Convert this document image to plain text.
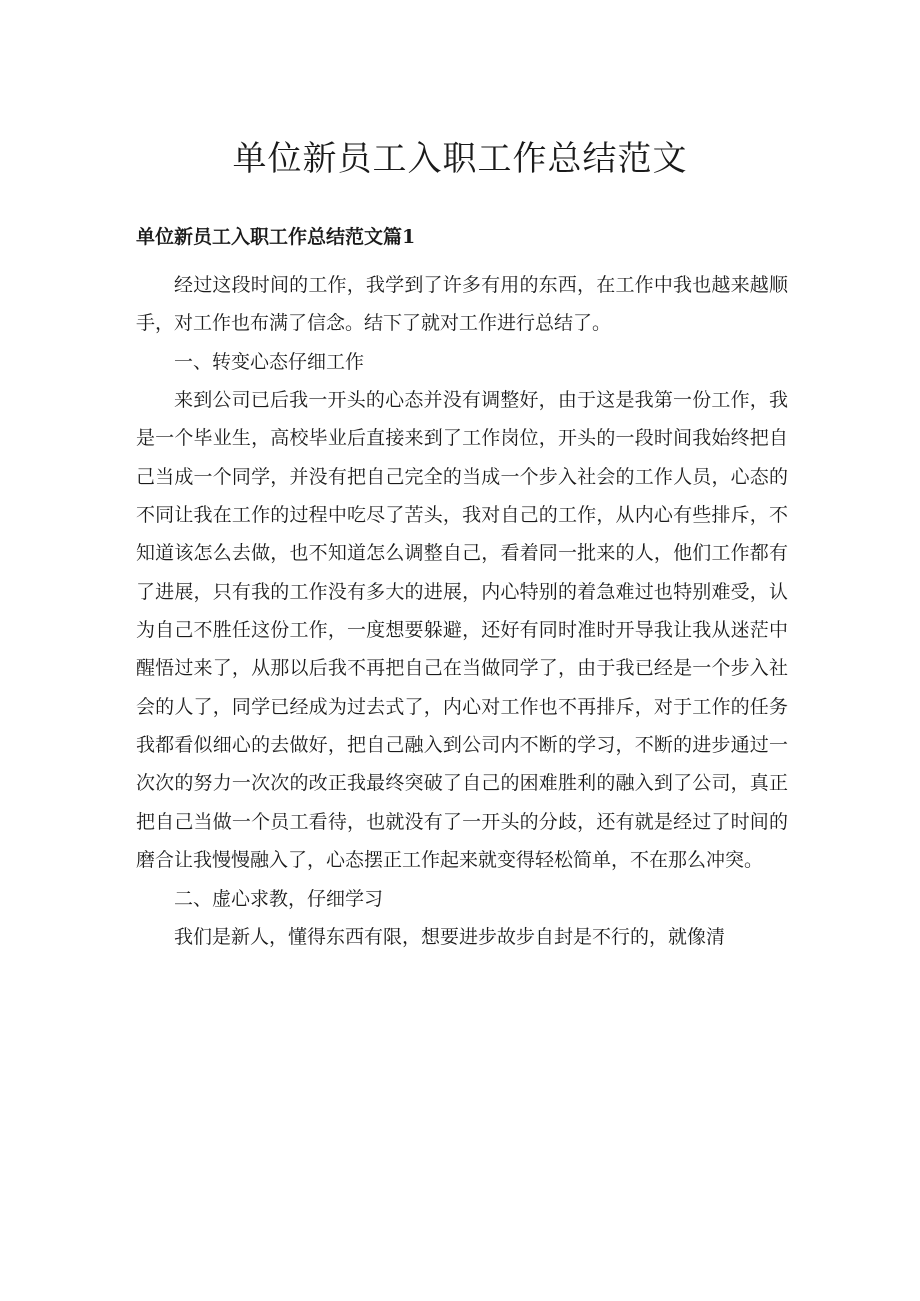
单位新员工入职工作总结范文
单位新员工入职工作总结范文篇1

经过这段时间的工作，我学到了许多有用的东西，在工作中我也越来越顺手，对工作也布满了信念。结下了就对工作进行总结了。

一、转变心态仔细工作

来到公司已后我一开头的心态并没有调整好，由于这是我第一份工作，我是一个毕业生，高校毕业后直接来到了工作岗位，开头的一段时间我始终把自己当成一个同学，并没有把自己完全的当成一个步入社会的工作人员，心态的不同让我在工作的过程中吃尽了苦头，我对自己的工作，从内心有些排斥，不知道该怎么去做，也不知道怎么调整自己，看着同一批来的人，他们工作都有了进展，只有我的工作没有多大的进展，内心特别的着急难过也特别难受，认为自己不胜任这份工作，一度想要躲避，还好有同时准时开导我让我从迷茫中醒悟过来了，从那以后我不再把自己在当做同学了，由于我已经是一个步入社会的人了，同学已经成为过去式了，内心对工作也不再排斥，对于工作的任务我都看似细心的去做好，把自己融入到公司内不断的学习，不断的进步通过一次次的努力一次次的改正我最终突破了自己的困难胜利的融入到了公司，真正把自己当做一个员工看待，也就没有了一开头的分歧，还有就是经过了时间的磨合让我慢慢融入了，心态摆正工作起来就变得轻松简单，不在那么冲突。

二、虚心求教，仔细学习

我们是新人，懂得东西有限，想要进步故步自封是不行的，就像清
